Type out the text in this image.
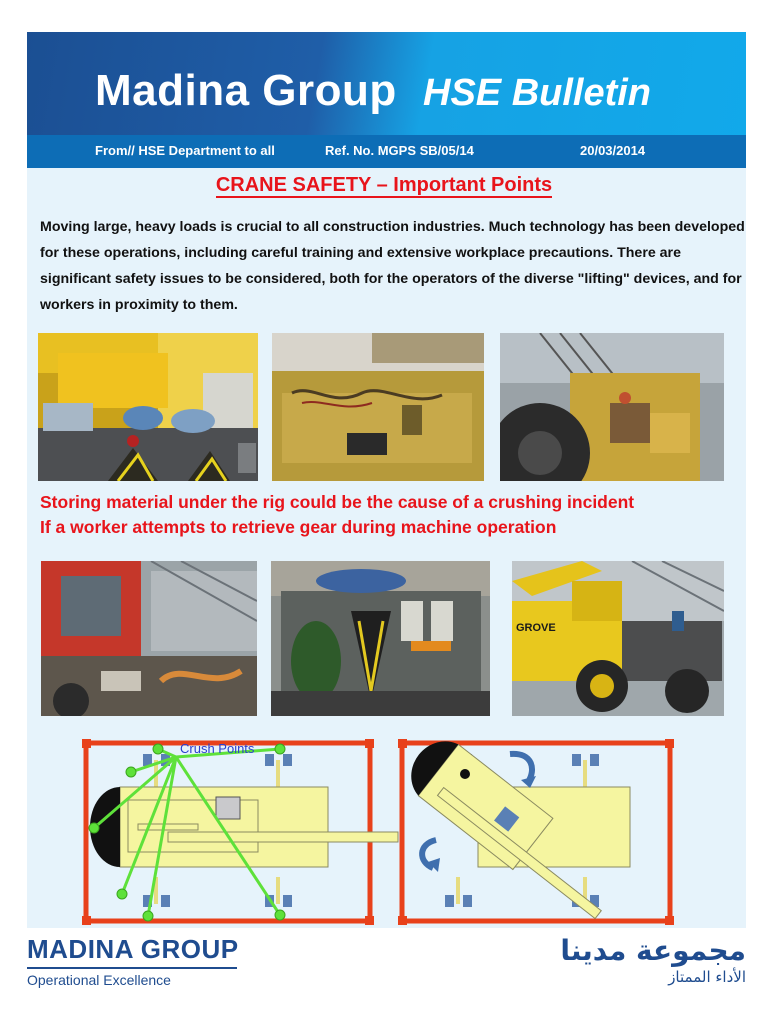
Madina Group HSE Bulletin
From// HSE Department to all	Ref. No. MGPS SB/05/14	20/03/2014
CRANE SAFETY – Important Points
Moving large, heavy loads is crucial to all construction industries. Much technology has been developed for these operations, including careful training and extensive workplace precautions. There are significant safety issues to be considered, both for the operators of the diverse "lifting" devices, and for workers in proximity to them.
Storing material under the rig could be the cause of a crushing incident
If a worker attempts to retrieve gear during machine operation
GROVE
Crush Points
MADINA GROUP
Operational Excellence
مجموعة مدينا
الأداء الممتاز
